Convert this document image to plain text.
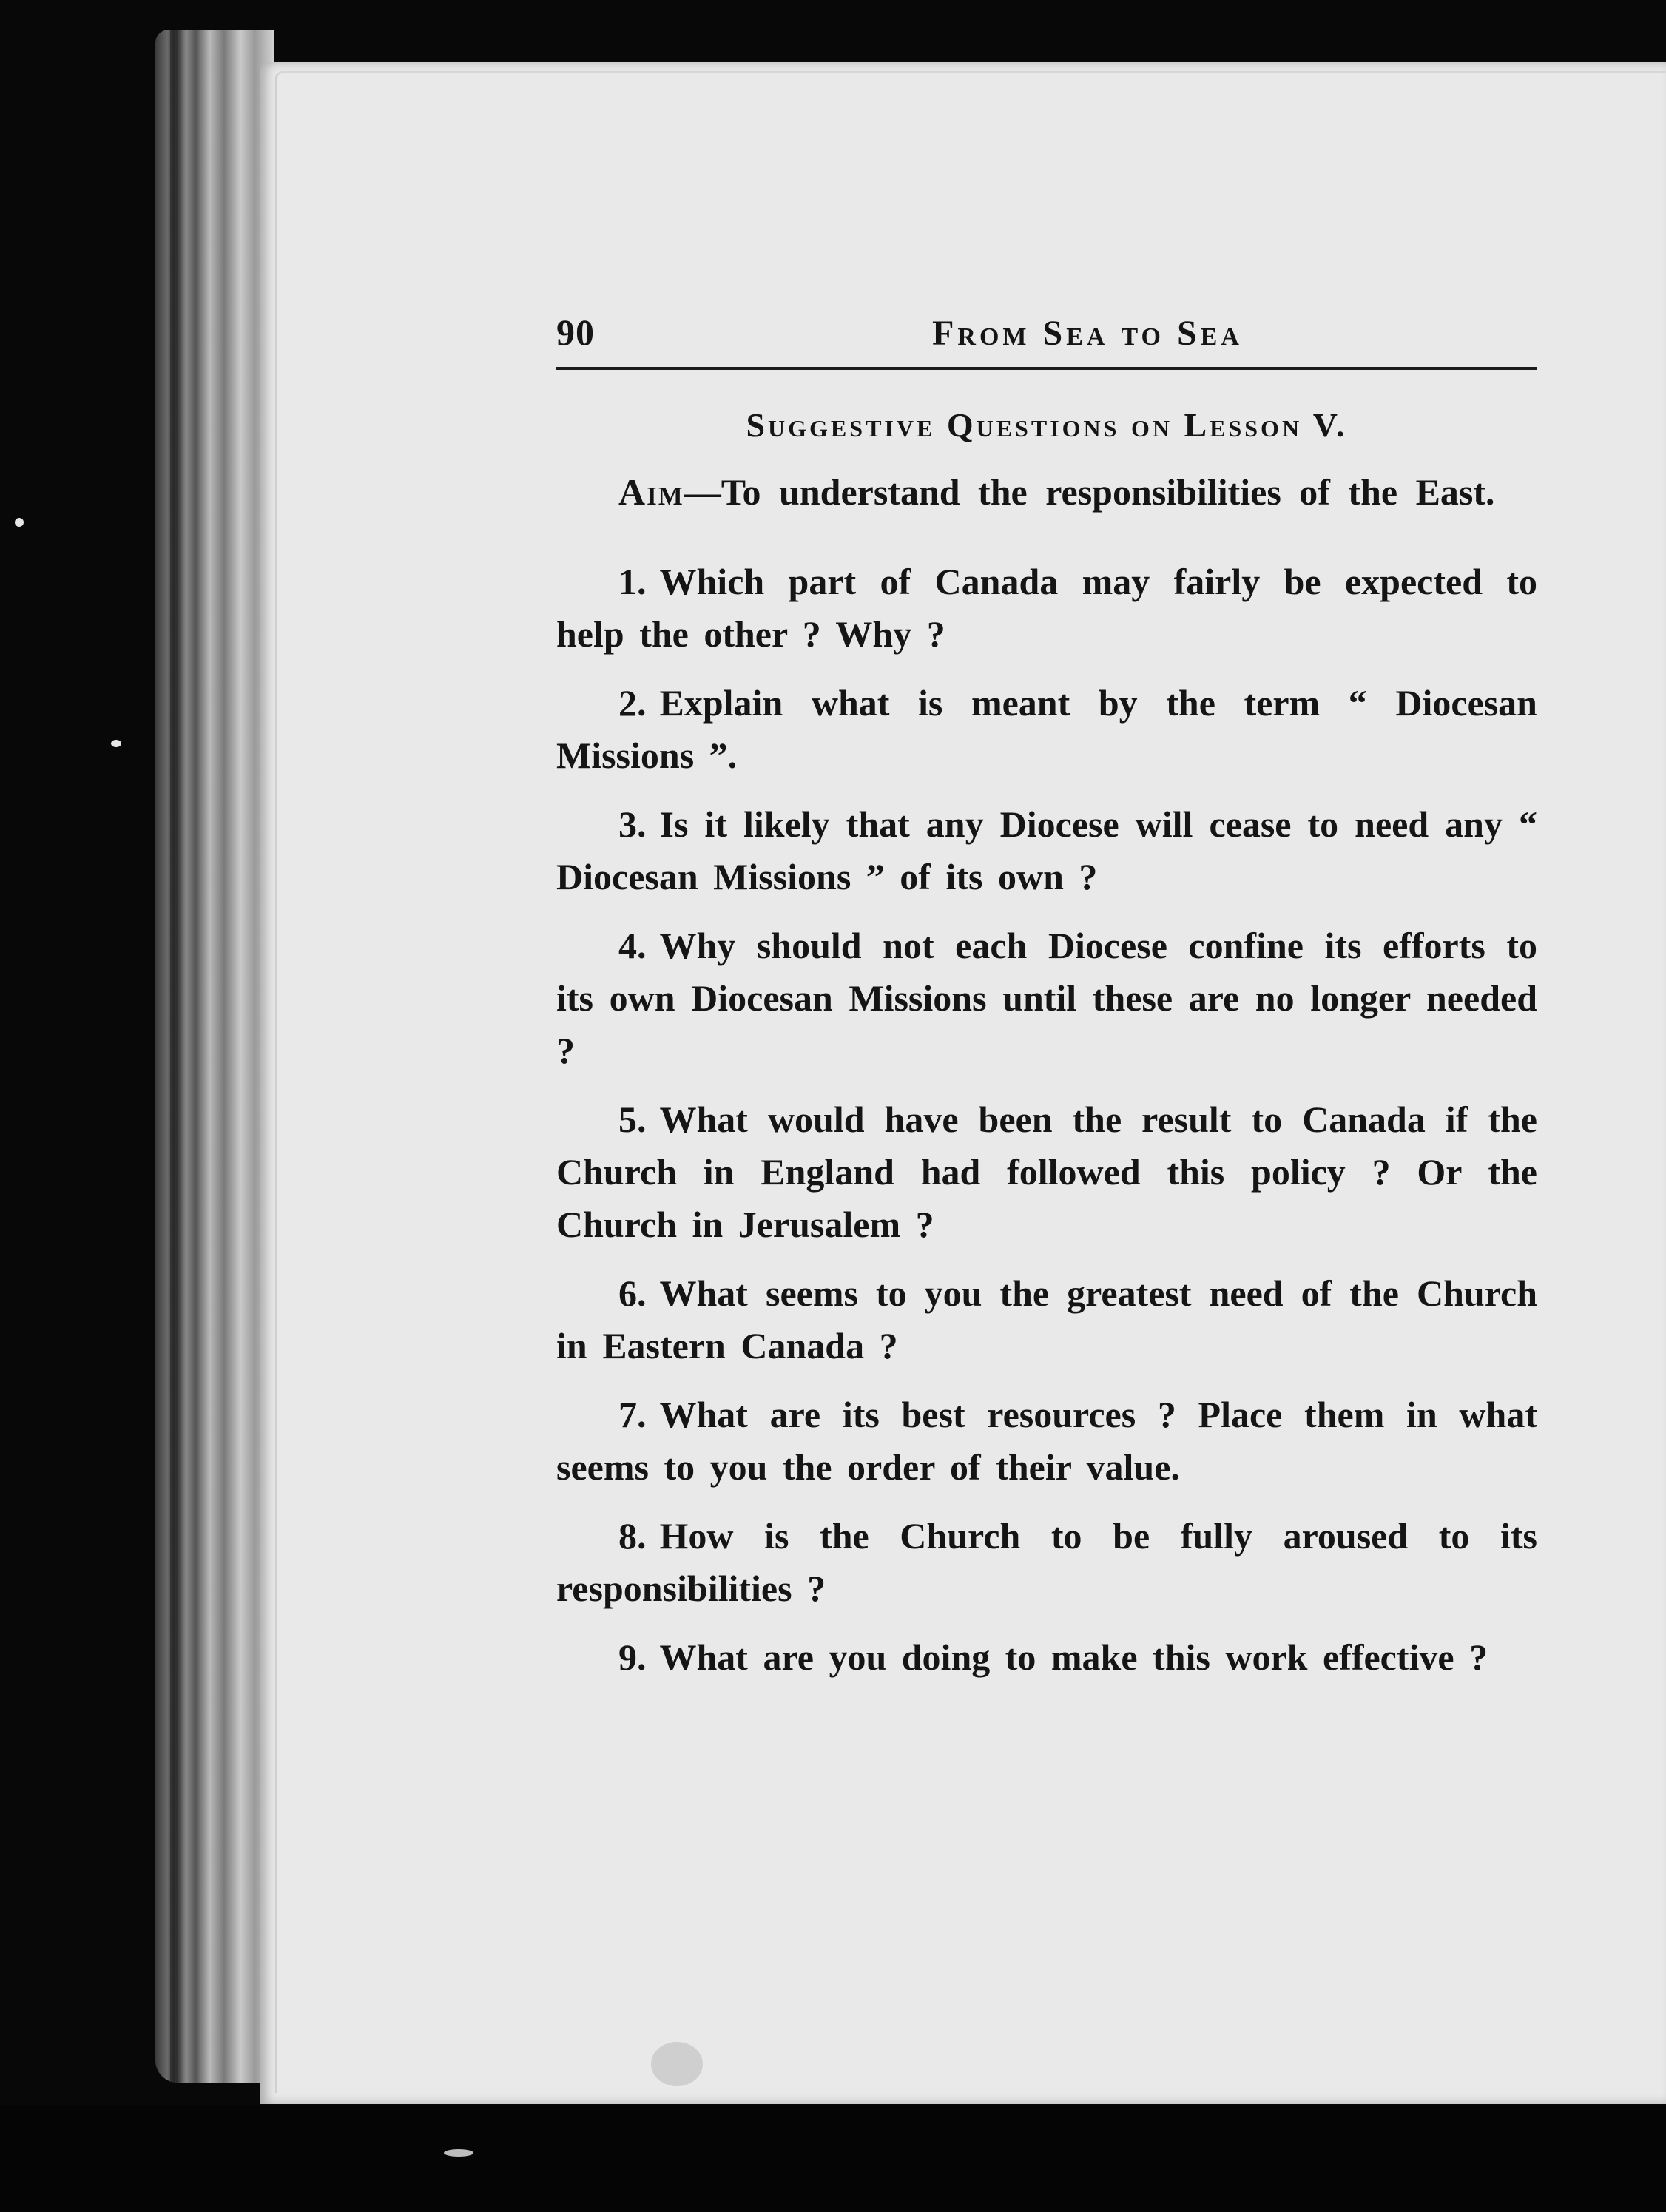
90	From Sea to Sea
Suggestive Questions on Lesson V.

Aim—To understand the responsibilities of the East.

1. Which part of Canada may fairly be expected to help the other ? Why ?
2. Explain what is meant by the term “ Diocesan Missions ”.
3. Is it likely that any Diocese will cease to need any “ Diocesan Missions ” of its own ?
4. Why should not each Diocese confine its efforts to its own Diocesan Missions until these are no longer needed ?
5. What would have been the result to Canada if the Church in England had followed this policy ? Or the Church in Jerusalem ?
6. What seems to you the greatest need of the Church in Eastern Canada ?
7. What are its best resources ? Place them in what seems to you the order of their value.
8. How is the Church to be fully aroused to its responsibilities ?
9. What are you doing to make this work effective ?
